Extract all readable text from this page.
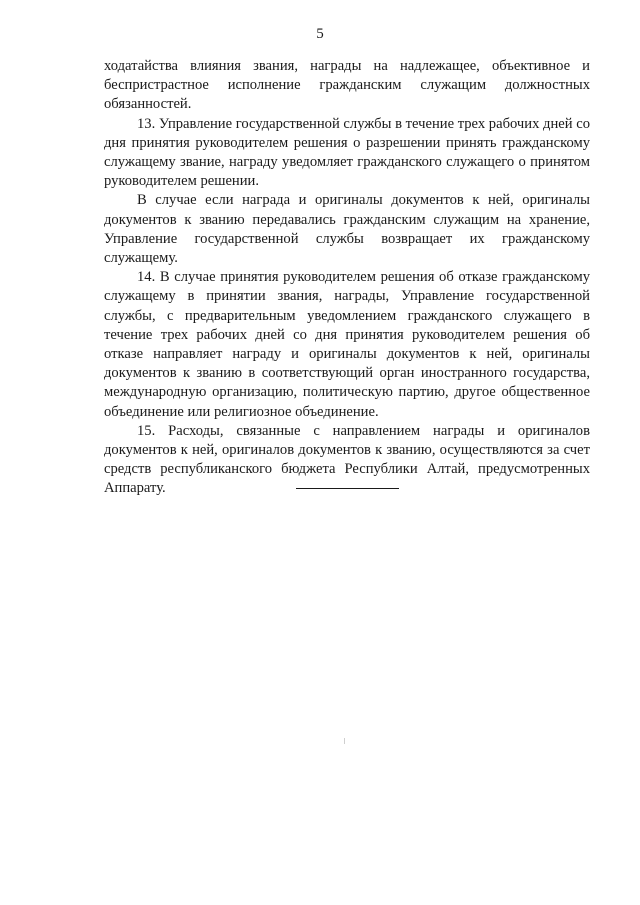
5

ходатайства влияния звания, награды на надлежащее, объективное и беспристрастное исполнение гражданским служащим должностных обязанностей.

13. Управление государственной службы в течение трех рабочих дней со дня принятия руководителем решения о разрешении принять гражданскому служащему звание, награду уведомляет гражданского служащего о принятом руководителем решении.

В случае если награда и оригиналы документов к ней, оригиналы документов к званию передавались гражданским служащим на хранение, Управление государственной службы возвращает их гражданскому служащему.

14. В случае принятия руководителем решения об отказе гражданскому служащему в принятии звания, награды, Управление государственной службы, с предварительным уведомлением гражданского служащего в течение трех рабочих дней со дня принятия руководителем решения об отказе направляет награду и оригиналы документов к ней, оригиналы документов к званию в соответствующий орган иностранного государства, международную организацию, политическую партию, другое общественное объединение или религиозное объединение.

15. Расходы, связанные с направлением награды и оригиналов документов к ней, оригиналов документов к званию, осуществляются за счет средств республиканского бюджета Республики Алтай, предусмотренных Аппарату.
